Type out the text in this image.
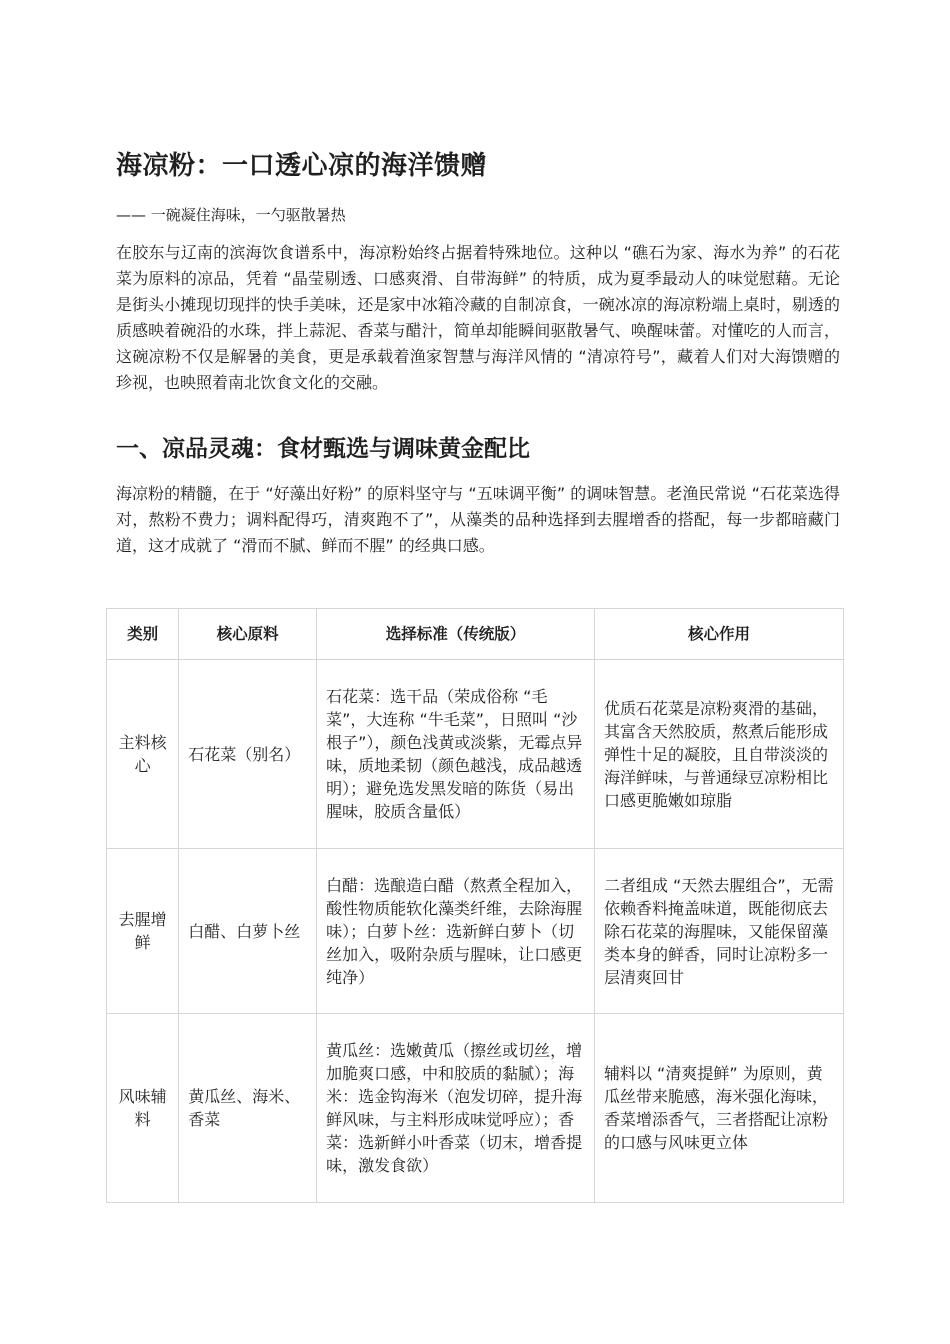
海凉粉：一口透心凉的海洋馈赠

—— 一碗凝住海味，一勺驱散暑热

在胶东与辽南的滨海饮食谱系中，海凉粉始终占据着特殊地位。这种以 “礁石为家、海水为养” 的石花菜为原料的凉品，凭着 “晶莹剔透、口感爽滑、自带海鲜” 的特质，成为夏季最动人的味觉慰藉。无论是街头小摊现切现拌的快手美味，还是家中冰箱冷藏的自制凉食，一碗冰凉的海凉粉端上桌时，剔透的质感映着碗沿的水珠，拌上蒜泥、香菜与醋汁，简单却能瞬间驱散暑气、唤醒味蕾。对懂吃的人而言，这碗凉粉不仅是解暑的美食，更是承载着渔家智慧与海洋风情的 “清凉符号”，藏着人们对大海馈赠的珍视，也映照着南北饮食文化的交融。

一、凉品灵魂：食材甄选与调味黄金配比

海凉粉的精髓，在于 “好藻出好粉” 的原料坚守与 “五味调平衡” 的调味智慧。老渔民常说 “石花菜选得对，熬粉不费力；调料配得巧，清爽跑不了”，从藻类的品种选择到去腥增香的搭配，每一步都暗藏门道，这才成就了 “滑而不腻、鲜而不腥” 的经典口感。

类别	核心原料	选择标准（传统版）	核心作用
主料核心	石花菜（别名）	石花菜：选干品（荣成俗称 “毛菜”，大连称 “牛毛菜”，日照叫 “沙根子”），颜色浅黄或淡紫，无霉点异味，质地柔韧（颜色越浅，成品越透明）；避免选发黑发暗的陈货（易出腥味，胶质含量低）	优质石花菜是凉粉爽滑的基础，其富含天然胶质，熬煮后能形成弹性十足的凝胶，且自带淡淡的海洋鲜味，与普通绿豆凉粉相比口感更脆嫩如琼脂
去腥增鲜	白醋、白萝卜丝	白醋：选酿造白醋（熬煮全程加入，酸性物质能软化藻类纤维，去除海腥味）；白萝卜丝：选新鲜白萝卜（切丝加入，吸附杂质与腥味，让口感更纯净）	二者组成 “天然去腥组合”，无需依赖香料掩盖味道，既能彻底去除石花菜的海腥味，又能保留藻类本身的鲜香，同时让凉粉多一层清爽回甘
风味辅料	黄瓜丝、海米、香菜	黄瓜丝：选嫩黄瓜（擦丝或切丝，增加脆爽口感，中和胶质的黏腻）；海米：选金钩海米（泡发切碎，提升海鲜风味，与主料形成味觉呼应）；香菜：选新鲜小叶香菜（切末，增香提味，激发食欲）	辅料以 “清爽提鲜” 为原则，黄瓜丝带来脆感，海米强化海味，香菜增添香气，三者搭配让凉粉的口感与风味更立体
